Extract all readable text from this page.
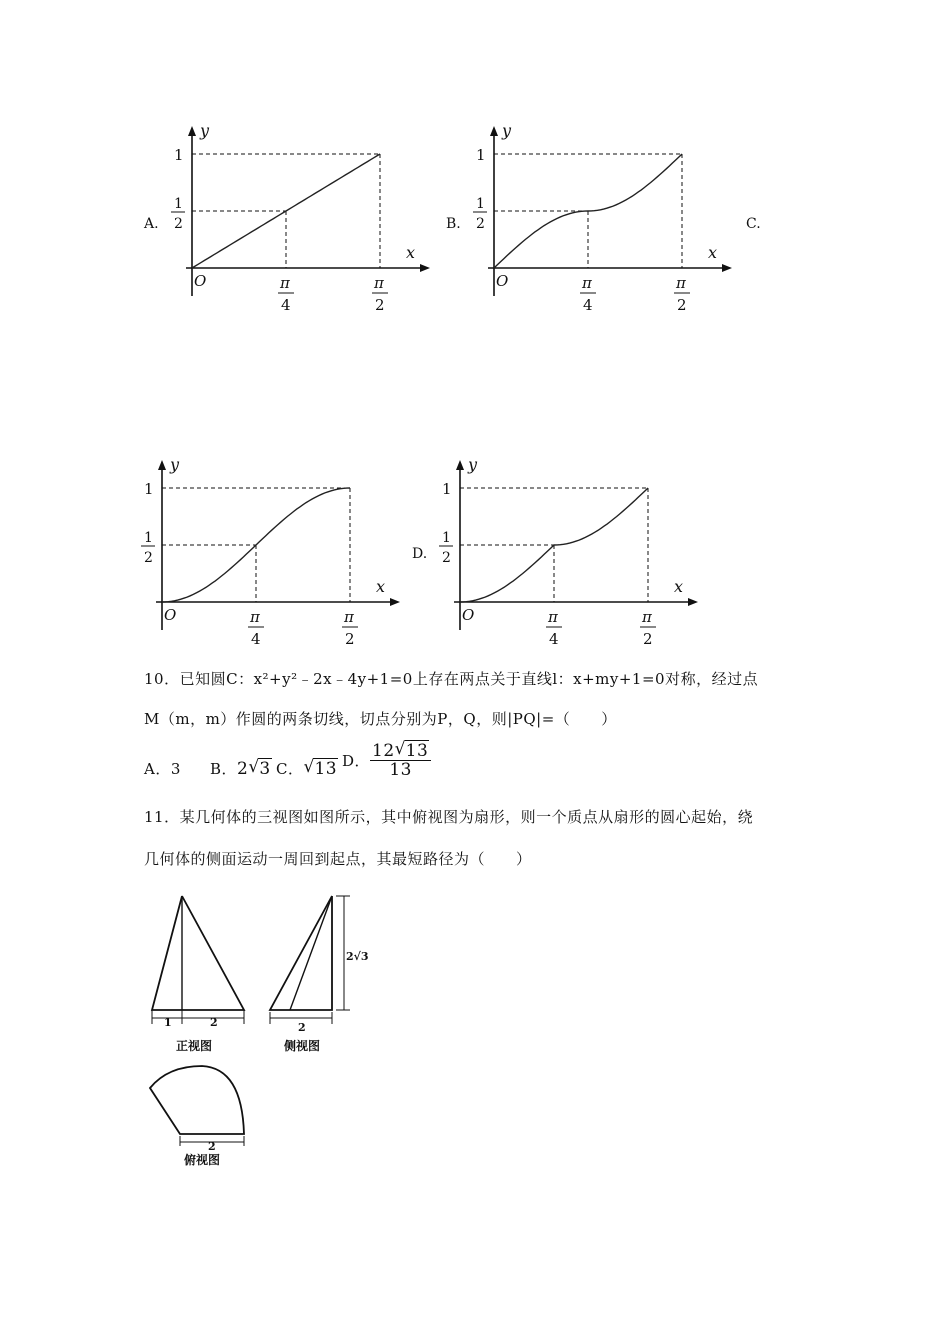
A.	B.	C.
D.
y
x
O
1
1
2
π
4
π
2
y
x
O
1
1
2
π
4
π
2
y
x
O
1
1
2
π
4
π
2
y
x
O
1
1
2
π
4
π
2
10．已知圆C：x²+y²﹣2x﹣4y+1=0上存在两点关于直线l：x+my+1=0对称，经过点
M（m，m）作圆的两条切线，切点分别为P，Q，则|PQ|=（　　）
A．3 B．2 √ 3 C． √ 13 D． $\frac{12 √ 13}{13}$
11．某几何体的三视图如图所示，其中俯视图为扇形，则一个质点从扇形的圆心起始，绕
几何体的侧面运动一周回到起点，其最短路径为（　　）
1	2
正视图
2
2√3
侧视图
2
俯视图
